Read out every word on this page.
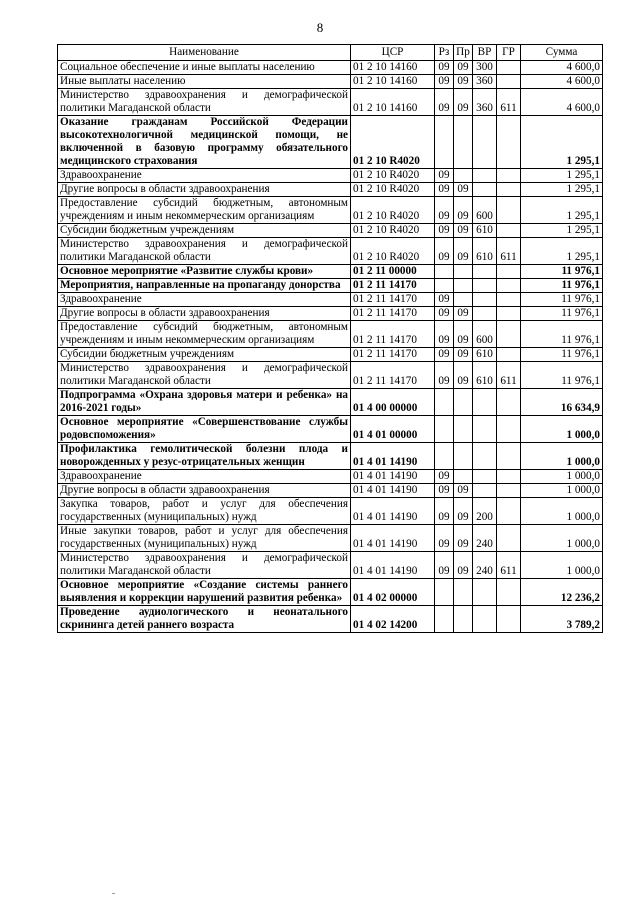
8
Наименование	ЦСР	Рз	Пр	ВР	ГР	Сумма
Социальное обеспечение и иные выплаты населению	01 2 10 14160	09	09	300		4 600,0
Иные выплаты населению	01 2 10 14160	09	09	360		4 600,0
Министерство здравоохранения и демографической политики Магаданской области	01 2 10 14160	09	09	360	611	4 600,0
Оказание гражданам Российской Федерации высокотехнологичной медицинской помощи, не включенной в базовую программу обязательного медицинского страхования	01 2 10 R4020					1 295,1
Здравоохранение	01 2 10 R4020	09				1 295,1
Другие вопросы в области здравоохранения	01 2 10 R4020	09	09			1 295,1
Предоставление субсидий бюджетным, автономным учреждениям и иным некоммерческим организациям	01 2 10 R4020	09	09	600		1 295,1
Субсидии бюджетным учреждениям	01 2 10 R4020	09	09	610		1 295,1
Министерство здравоохранения и демографической политики Магаданской области	01 2 10 R4020	09	09	610	611	1 295,1
Основное мероприятие «Развитие службы крови»	01 2 11 00000					11 976,1
Мероприятия, направленные на пропаганду донорства	01 2 11 14170					11 976,1
Здравоохранение	01 2 11 14170	09				11 976,1
Другие вопросы в области здравоохранения	01 2 11 14170	09	09			11 976,1
Предоставление субсидий бюджетным, автономным учреждениям и иным некоммерческим организациям	01 2 11 14170	09	09	600		11 976,1
Субсидии бюджетным учреждениям	01 2 11 14170	09	09	610		11 976,1
Министерство здравоохранения и демографической политики Магаданской области	01 2 11 14170	09	09	610	611	11 976,1
Подпрограмма «Охрана здоровья матери и ребенка» на 2016-2021 годы»	01 4 00 00000					16 634,9
Основное мероприятие «Совершенствование службы родовспоможения»	01 4 01 00000					1 000,0
Профилактика гемолитической болезни плода и новорожденных у резус-отрицательных женщин	01 4 01 14190					1 000,0
Здравоохранение	01 4 01 14190	09				1 000,0
Другие вопросы в области здравоохранения	01 4 01 14190	09	09			1 000,0
Закупка товаров, работ и услуг для обеспечения государственных (муниципальных) нужд	01 4 01 14190	09	09	200		1 000,0
Иные закупки товаров, работ и услуг для обеспечения государственных (муниципальных) нужд	01 4 01 14190	09	09	240		1 000,0
Министерство здравоохранения и демографической политики Магаданской области	01 4 01 14190	09	09	240	611	1 000,0
Основное мероприятие «Создание системы раннего выявления и коррекции нарушений развития ребенка»	01 4 02 00000					12 236,2
Проведение аудиологического и неонатального скрининга детей раннего возраста	01 4 02 14200					3 789,2
